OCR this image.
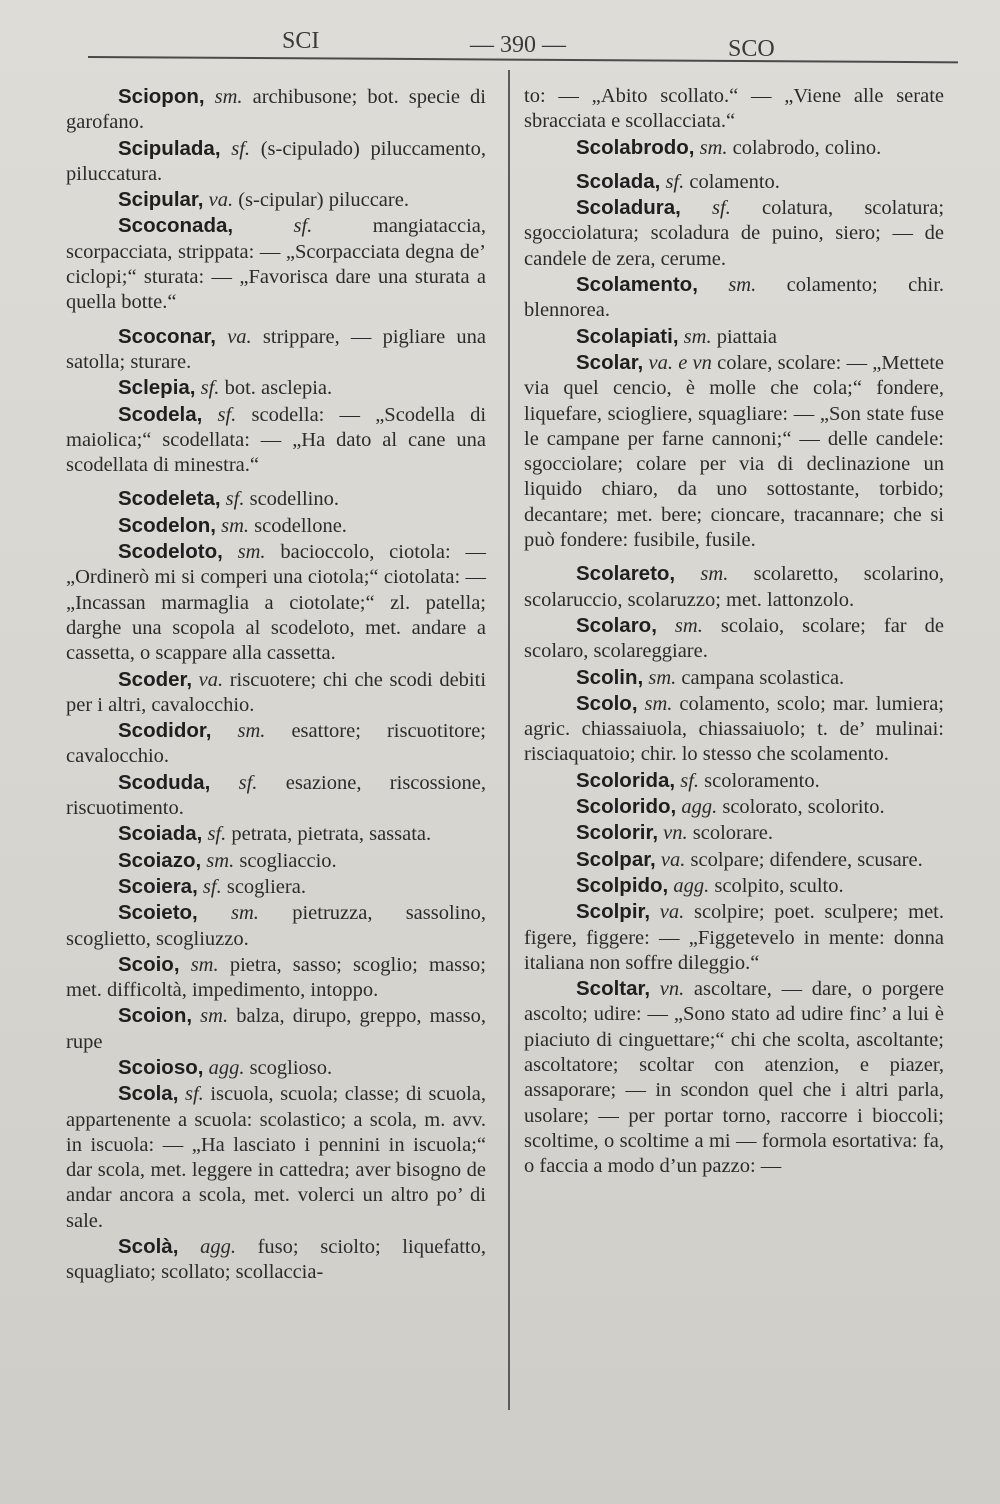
SCI	— 390 —	SCO

Sciopon, sm. archibusone; bot. specie di garofano.

Scipulada, sf. (s-cipulado) piluccamento, piluccatura.

Scipular, va. (s-cipular) piluccare.

Scoconada,	sf.	mangiataccia, scorpacciata, strippata: — „Scorpacciata degna de’ ciclopi;“ sturata: — „Favorisca dare una sturata a quella botte.“

Scoconar, va. strippare, — pigliare una satolla; sturare.

Sclepia, sf. bot. asclepia.

Scodela, sf. scodella: — „Scodella di maiolica;“ scodellata: — „Ha dato al cane una scodellata di minestra.“

Scodeleta, sf. scodellino.

Scodelon, sm. scodellone.

Scodeloto, sm. bacioccolo, ciotola: — „Ordinerò mi si comperi una ciotola;“ ciotolata: — „Incassan marmaglia a ciotolate;“ zl. patella; darghe una scopola al scodeloto, met. andare a cassetta, o scappare alla cassetta.

Scoder, va. riscuotere; chi che scodi debiti per i altri, cavalocchio.

Scodidor, sm. esattore; riscuotitore; cavalocchio.

Scoduda, sf. esazione, riscossione, riscuotimento.

Scoiada, sf. petrata, pietrata, sassata.

Scoiazo, sm. scogliaccio.

Scoiera, sf. scogliera.

Scoieto, sm. pietruzza, sassolino, scoglietto, scogliuzzo.

Scoio, sm. pietra, sasso; scoglio; masso; met. difficoltà, impedimento, intoppo.

Scoion, sm. balza, dirupo, greppo, masso, rupe

Scoioso, agg. scoglioso.

Scola, sf. iscuola, scuola; classe; di scuola, appartenente a scuola: scolastico; a scola, m. avv. in iscuola: — „Ha lasciato i pennini in iscuola;“ dar scola, met. leggere in cattedra; aver bisogno de andar ancora a scola, met. volerci un altro po’ di sale.

Scolà, agg. fuso; sciolto; liquefatto, squagliato; scollato; scollaccia-

to: — „Abito scollato.“ — „Viene alle serate sbracciata e scollacciata.“

Scolabrodo, sm. colabrodo, colino.

Scolada, sf. colamento.

Scoladura, sf. colatura, scolatura; sgocciolatura; scoladura de puino, siero; — de candele de zera, cerume.

Scolamento, sm. colamento; chir. blennorea.

Scolapiati, sm. piattaia

Scolar, va. e vn colare, scolare: — „Mettete via quel cencio, è molle che cola;“ fondere, liquefare, sciogliere, squagliare: — „Son state fuse le campane per farne cannoni;“ — delle candele: sgocciolare; colare per via di declinazione un liquido chiaro, da uno sottostante, torbido; decantare; met. bere; cioncare, tracannare; che si può fondere: fusibile, fusile.

Scolareto, sm. scolaretto, scolarino, scolaruccio, scolaruzzo; met. lattonzolo.

Scolaro, sm. scolaio, scolare; far de scolaro, scolareggiare.

Scolin, sm. campana scolastica.

Scolo, sm. colamento, scolo; mar. lumiera; agric. chiassaiuola, chiassaiuolo; t. de’ mulinai: risciaquatoio; chir. lo stesso che scolamento.

Scolorida, sf. scoloramento.

Scolorido, agg. scolorato, scolorito.

Scolorir, vn. scolorare.

Scolpar, va. scolpare; difendere, scusare.

Scolpido, agg. scolpito, sculto.

Scolpir, va. scolpire; poet. sculpere; met. figere, figgere: — „Figgetevelo in mente: donna italiana non soffre dileggio.“

Scoltar, vn. ascoltare, — dare, o porgere ascolto; udire: — „Sono stato ad udire finc’ a lui è piaciuto di cinguettare;“ chi che scolta, ascoltante; ascoltatore; scoltar con atenzion, e piazer, assaporare; — in scondon quel che i altri parla, usolare; — per portar torno, raccorre i bioccoli; scoltime, o scoltime a mi — formola esortativa: fa, o faccia a modo d’un pazzo: —
